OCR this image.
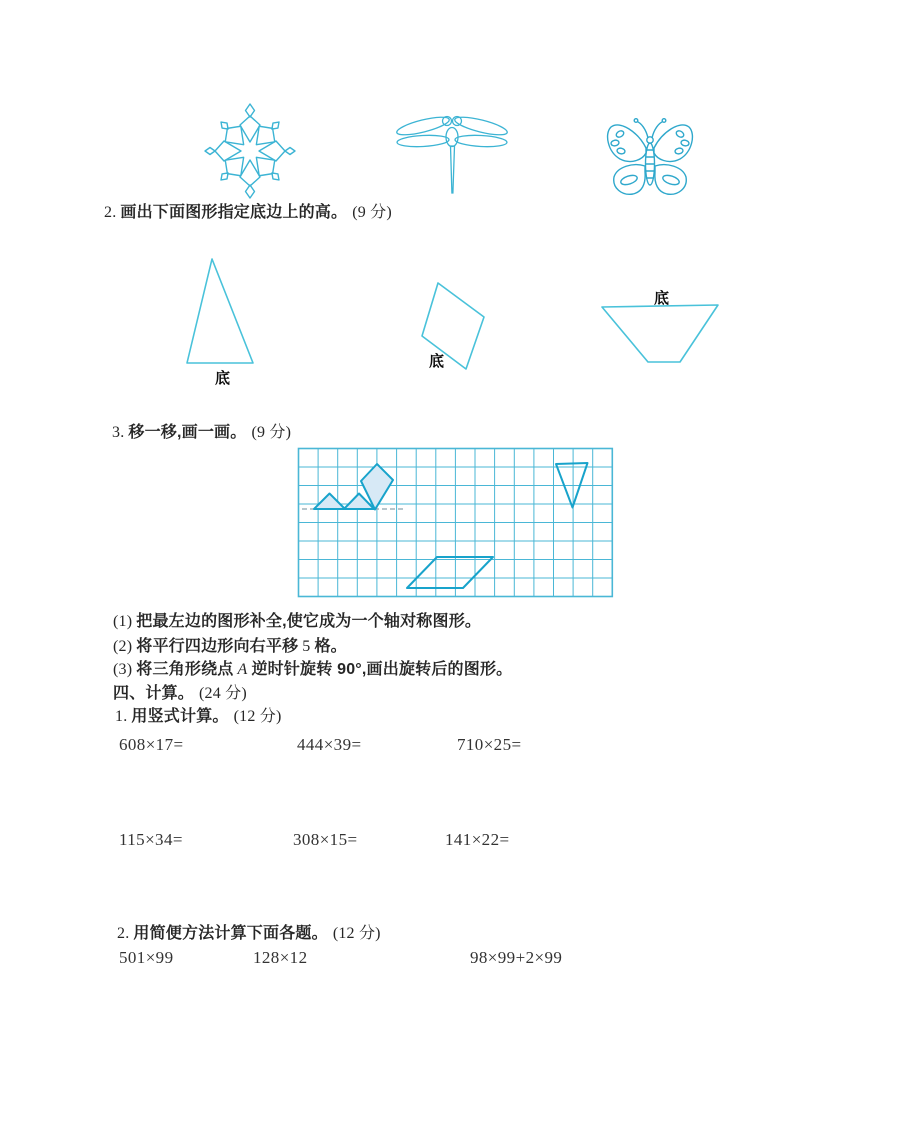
2. 画出下面图形指定底边上的高。 (9 分)
底
底
底
3. 移一移,画一画。 (9 分)
(1) 把最左边的图形补全,使它成为一个轴对称图形。
(2) 将平行四边形向右平移 5 格。
(3) 将三角形绕点 A 逆时针旋转 90°,画出旋转后的图形。
四、计算。 (24 分)
1. 用竖式计算。 (12 分)
608×17=	444×39=	710×25=
115×34=	308×15=	141×22=
2. 用简便方法计算下面各题。 (12 分)
501×99	128×12	98×99+2×99
